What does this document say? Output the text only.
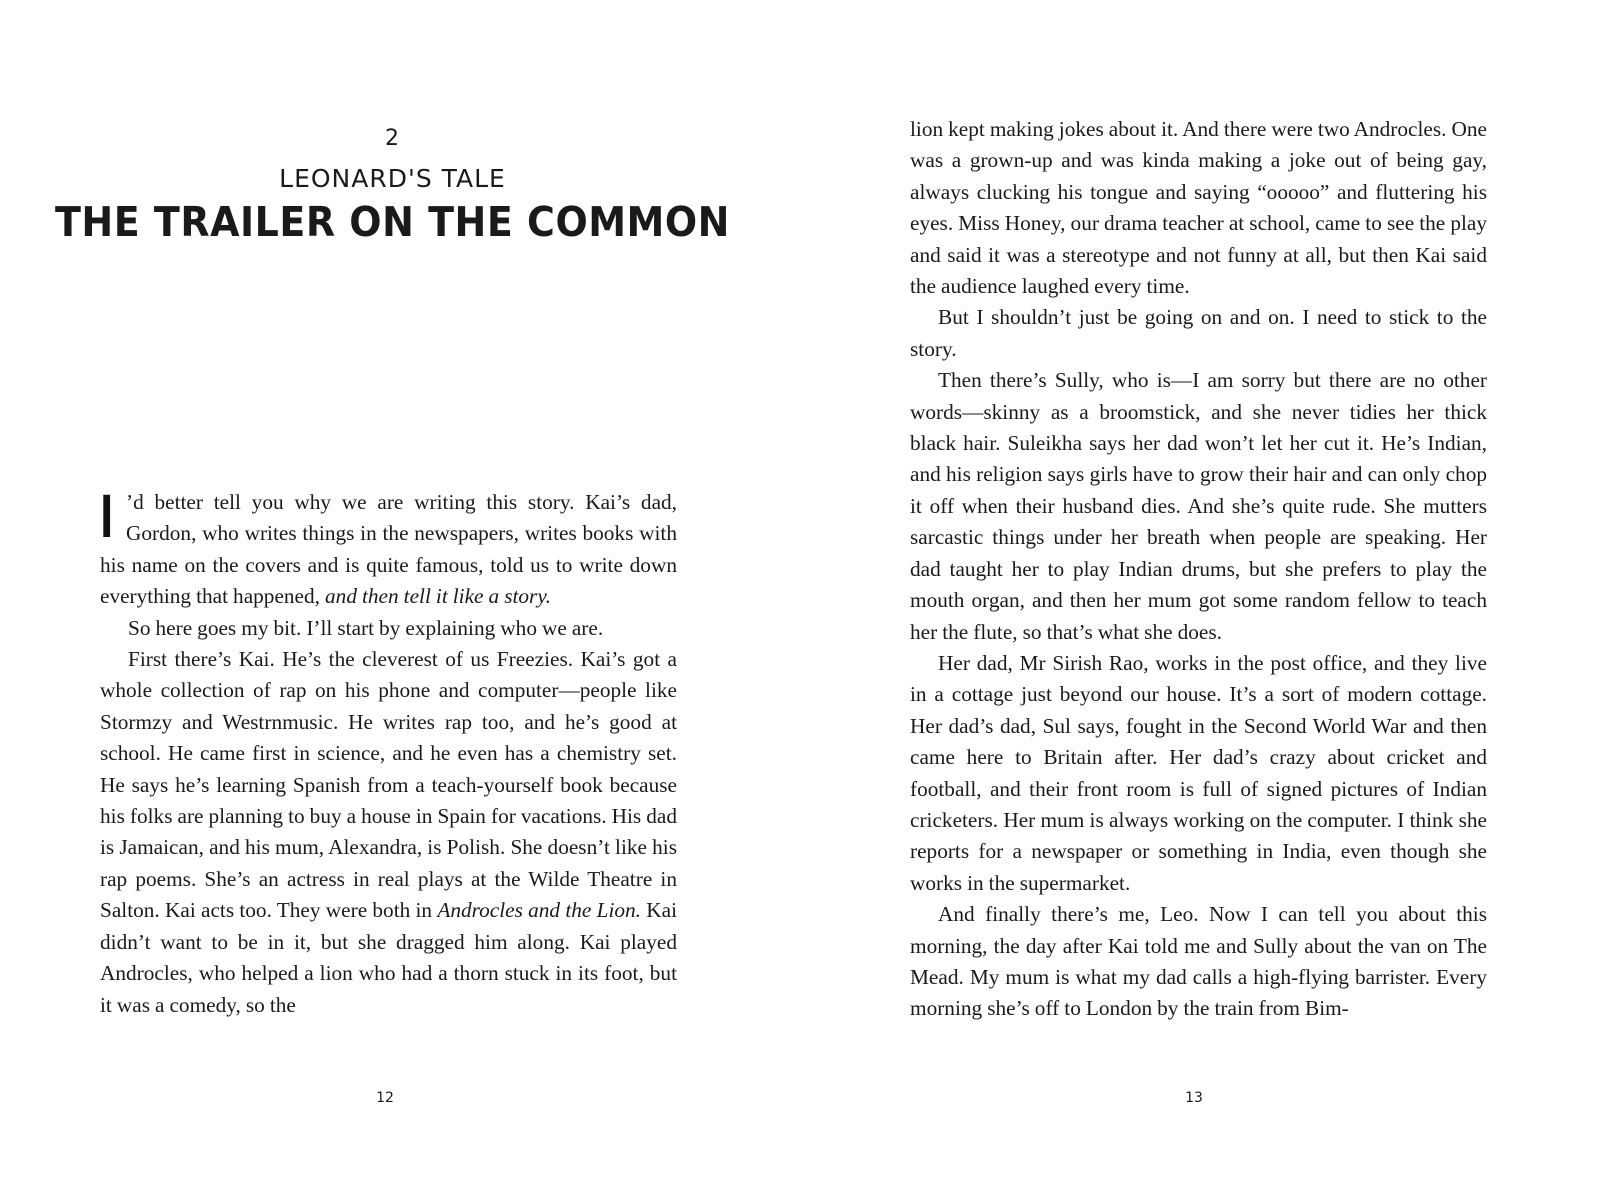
2
LEONARD'S TALE
THE TRAILER ON THE COMMON

I ’d better tell you why we are writing this story. Kai’s dad, Gordon, who writes things in the newspapers, writes books with his name on the covers and is quite famous, told us to write down everything that happened, and then tell it like a story.

So here goes my bit. I’ll start by explaining who we are.

First there’s Kai. He’s the cleverest of us Freezies. Kai’s got a whole collection of rap on his phone and computer—people like Stormzy and Westrnmusic. He writes rap too, and he’s good at school. He came first in science, and he even has a chemistry set. He says he’s learning Spanish from a teach-yourself book because his folks are planning to buy a house in Spain for vacations. His dad is Jamaican, and his mum, Alexandra, is Polish. She doesn’t like his rap poems. She’s an actress in real plays at the Wilde Theatre in Salton. Kai acts too. They were both in Androcles and the Lion. Kai didn’t want to be in it, but she dragged him along. Kai played Androcles, who helped a lion who had a thorn stuck in its foot, but it was a comedy, so the

12

lion kept making jokes about it. And there were two Androcles. One was a grown-up and was kinda making a joke out of being gay, always clucking his tongue and saying “ooooo” and fluttering his eyes. Miss Honey, our drama teacher at school, came to see the play and said it was a stereotype and not funny at all, but then Kai said the audience laughed every time.

But I shouldn’t just be going on and on. I need to stick to the story.

Then there’s Sully, who is—I am sorry but there are no other words—skinny as a broomstick, and she never tidies her thick black hair. Suleikha says her dad won’t let her cut it. He’s Indian, and his religion says girls have to grow their hair and can only chop it off when their husband dies. And she’s quite rude. She mutters sarcastic things under her breath when people are speaking. Her dad taught her to play Indian drums, but she prefers to play the mouth organ, and then her mum got some random fellow to teach her the flute, so that’s what she does.

Her dad, Mr Sirish Rao, works in the post office, and they live in a cottage just beyond our house. It’s a sort of modern cottage. Her dad’s dad, Sul says, fought in the Second World War and then came here to Britain after. Her dad’s crazy about cricket and football, and their front room is full of signed pictures of Indian cricketers. Her mum is always working on the computer. I think she reports for a newspaper or something in India, even though she works in the supermarket.

And finally there’s me, Leo. Now I can tell you about this morning, the day after Kai told me and Sully about the van on The Mead. My mum is what my dad calls a high-flying barrister. Every morning she’s off to London by the train from Bim-

13
